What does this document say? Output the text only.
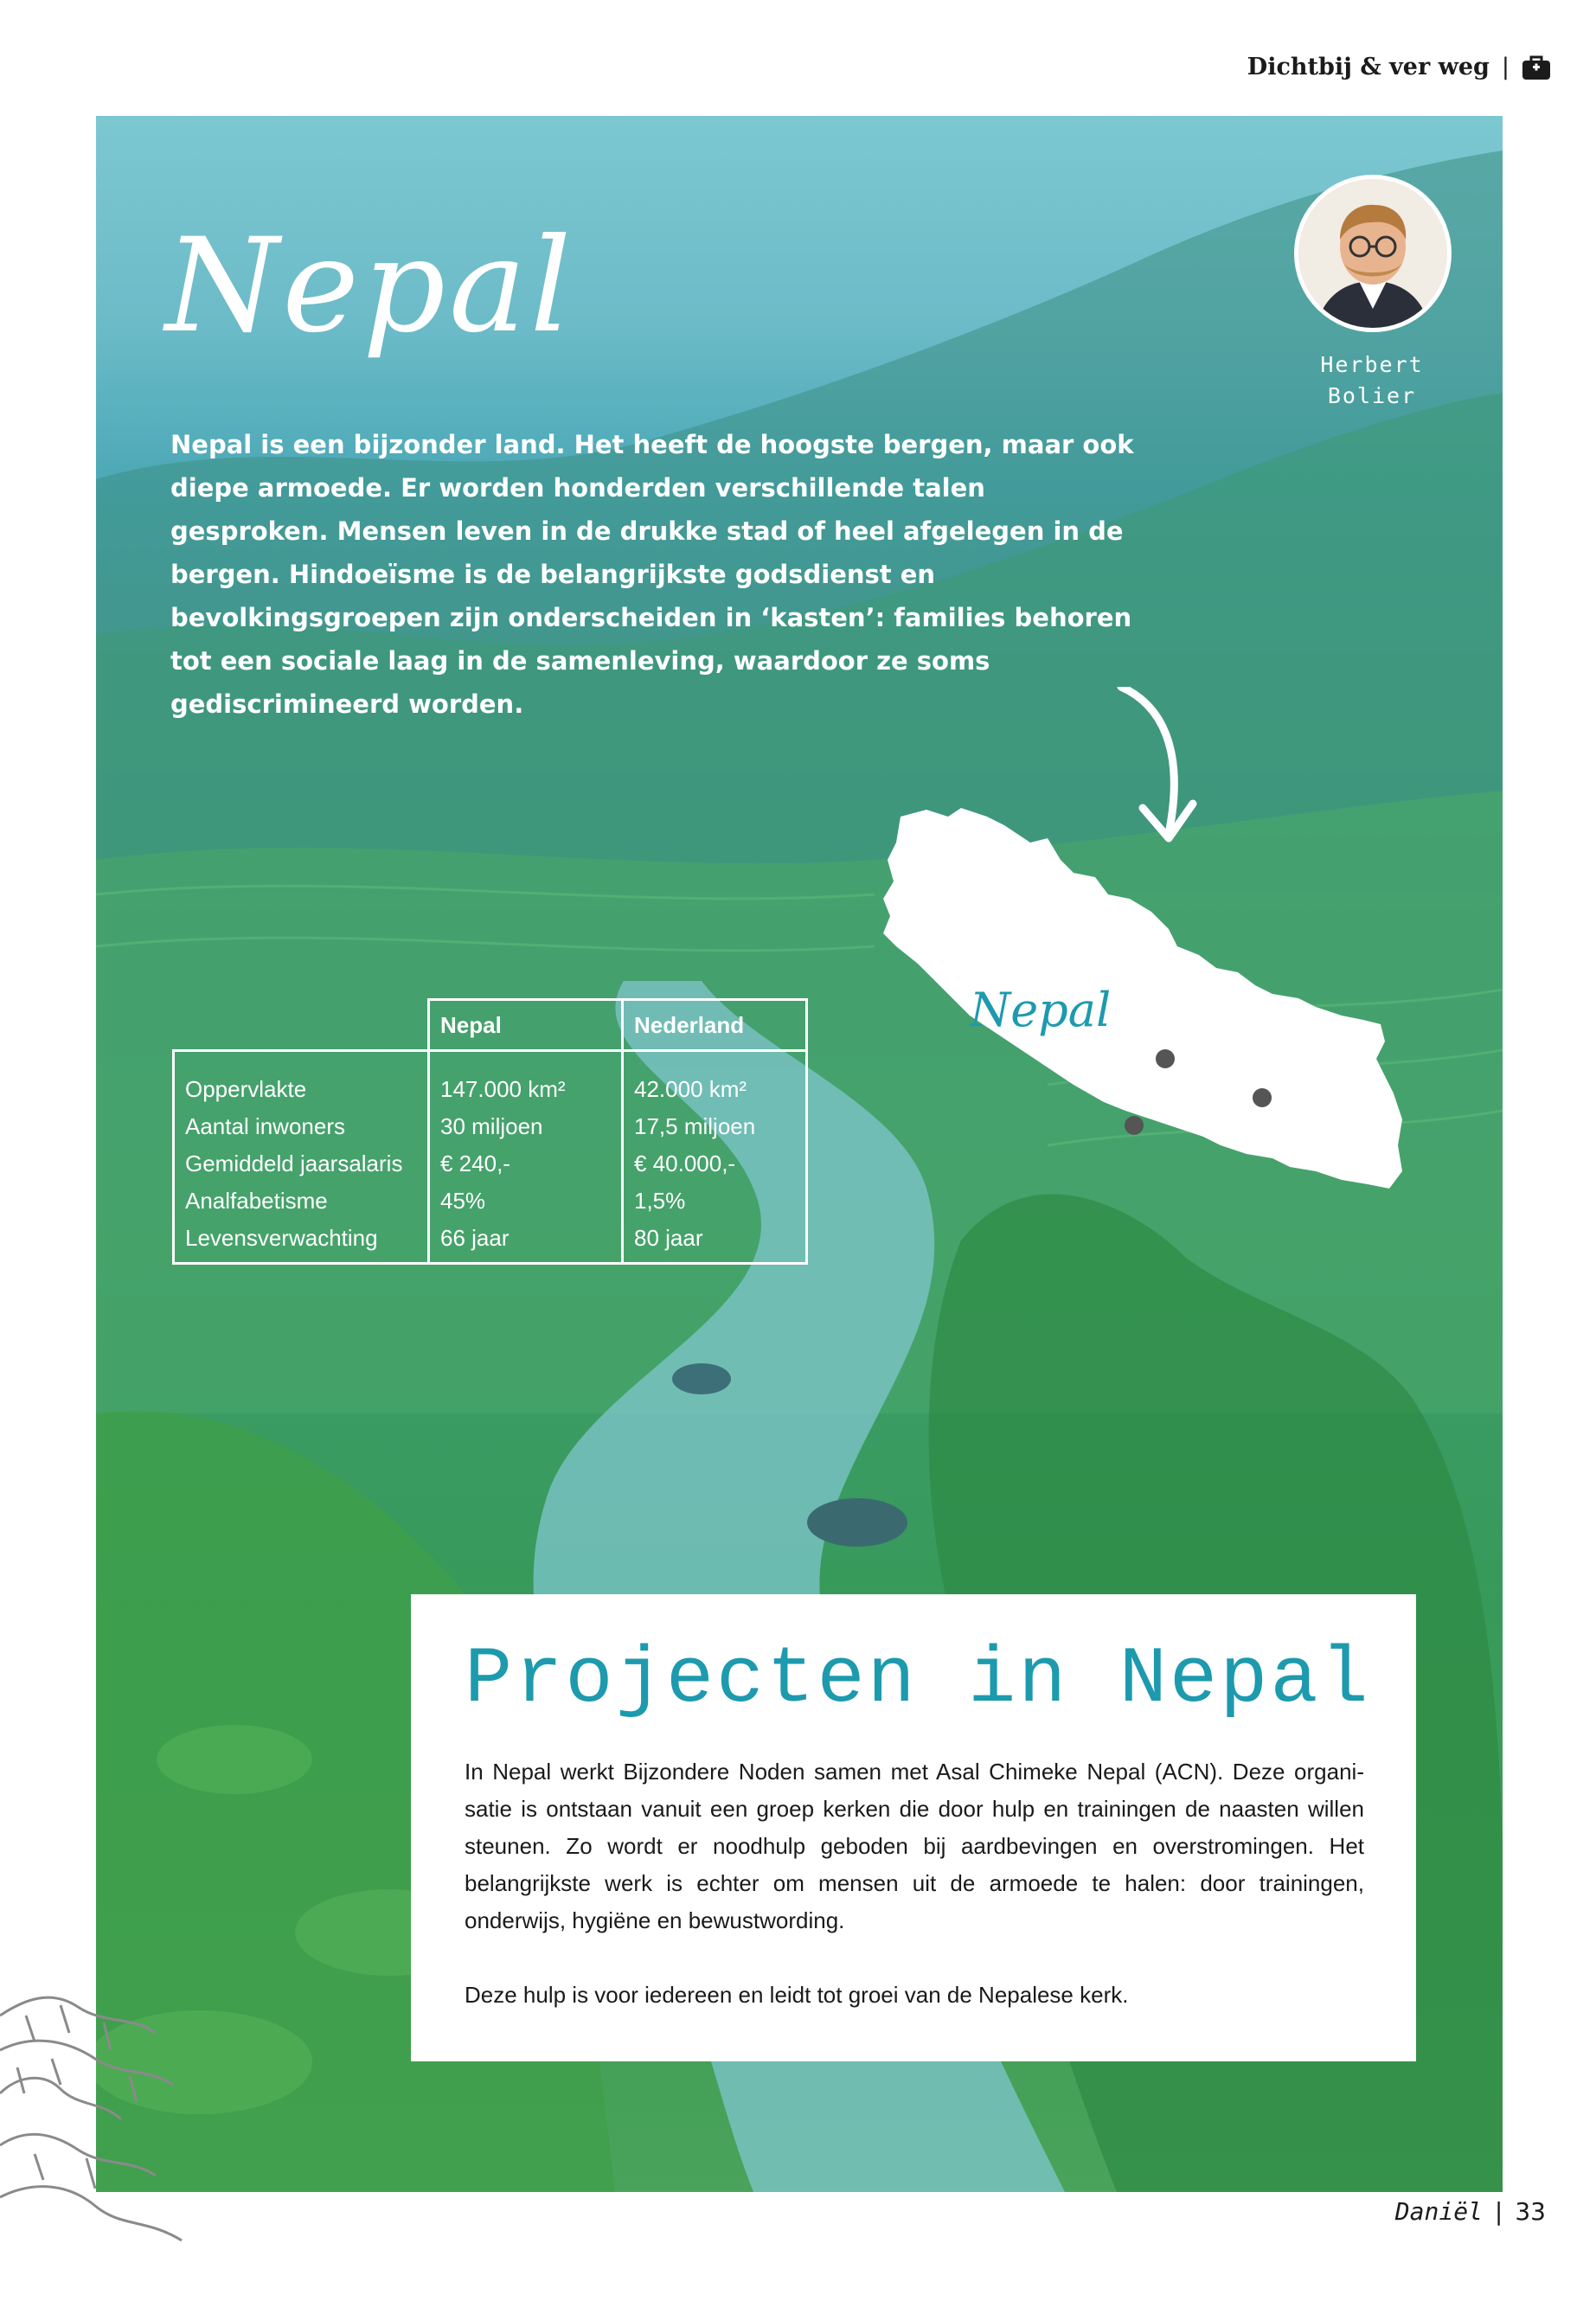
Dichtbij & ver weg |
Nepal
Herbert
Bolier
Nepal is een bijzonder land. Het heeft de hoogste bergen, maar ook diepe armoede. Er worden honderden verschillende talen gesproken. Mensen leven in de drukke stad of heel afgelegen in de bergen. Hindoeïsme is de belangrijkste godsdienst en bevolkingsgroepen zijn onderscheiden in ‘kasten’: families behoren tot een sociale laag in de samenleving, waardoor ze soms gediscrimineerd worden.
Nepal
	Nepal	Nederland
Oppervlakte	147.000 km²	42.000 km²
Aantal inwoners	30 miljoen	17,5 miljoen
Gemiddeld jaarsalaris	€ 240,-	€ 40.000,-
Analfabetisme	45%	1,5%
Levensverwachting	66 jaar	80 jaar
Projecten in Nepal

In Nepal werkt Bijzondere Noden samen met Asal Chimeke Nepal (ACN). Deze organisatie is ontstaan vanuit een groep kerken die door hulp en trainingen de naasten willen steunen. Zo wordt er noodhulp geboden bij aardbevingen en overstromingen. Het belangrijkste werk is echter om mensen uit de armoede te halen: door trainingen, onderwijs, hygiëne en bewustwording.

Deze hulp is voor iedereen en leidt tot groei van de Nepalese kerk.

Daniël | 33
